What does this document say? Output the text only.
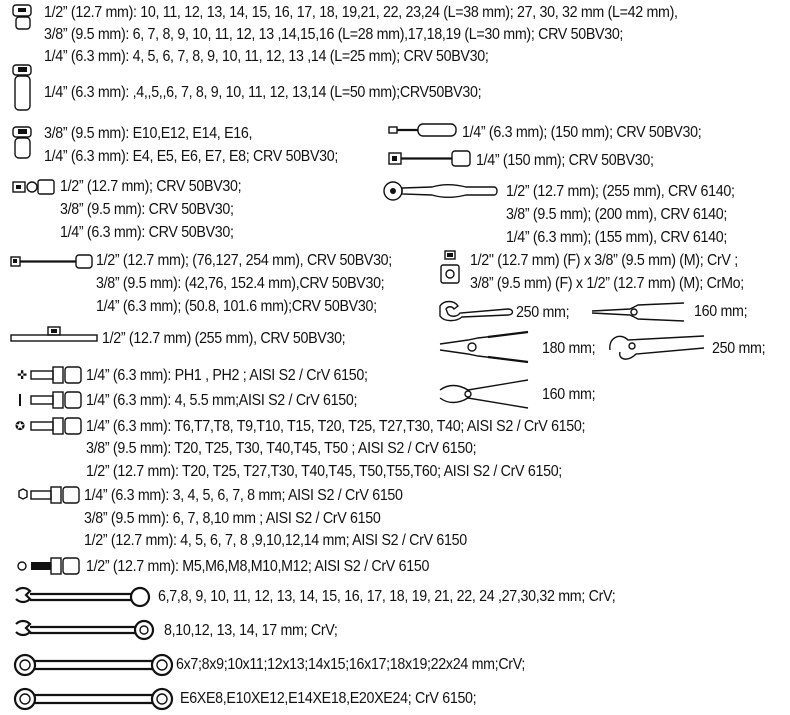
✜
✪
1/2” (12.7 mm): 10, 11, 12, 13, 14, 15, 16, 17, 18, 19,21, 22, 23,24 (L=38 mm); 27, 30, 32 mm (L=42 mm),
3/8” (9.5 mm): 6, 7, 8, 9, 10, 11, 12, 13 ,14,15,16 (L=28 mm),17,18,19 (L=30 mm); CRV 50BV30;
1/4” (6.3 mm): 4, 5, 6, 7, 8, 9, 10, 11, 12, 13 ,14 (L=25 mm); CRV 50BV30;
1/4” (6.3 mm): ,4,,5,,6, 7, 8, 9, 10, 11, 12, 13,14 (L=50 mm);CRV50BV30;
3/8” (9.5 mm): E10,E12, E14, E16,
1/4” (6.3 mm): E4, E5, E6, E7, E8; CRV 50BV30;
1/4” (6.3 mm); (150 mm); CRV 50BV30;
1/4” (150 mm); CRV 50BV30;
1/2” (12.7 mm); CRV 50BV30;
3/8” (9.5 mm): CRV 50BV30;
1/4” (6.3 mm): CRV 50BV30;
1/2” (12.7 mm); (255 mm), CRV 6140;
3/8” (9.5 mm); (200 mm), CRV 6140;
1/4” (6.3 mm); (155 mm), CRV 6140;
1/2” (12.7 mm); (76,127, 254 mm), CRV 50BV30;
3/8” (9.5 mm): (42,76, 152.4 mm),CRV 50BV30;
1/4” (6.3 mm); (50.8, 101.6 mm);CRV 50BV30;
1/2" (12.7 mm) (F) x 3/8” (9.5 mm) (M); CrV ;
3/8” (9.5 mm) (F) x 1/2” (12.7 mm) (M); CrMo;
250 mm;	160 mm;
1/2” (12.7 mm) (255 mm), CRV 50BV30;
180 mm;	250 mm;
1/4” (6.3 mm): PH1 , PH2 ; AISI S2 / CrV 6150;
160 mm;
1/4” (6.3 mm): 4, 5.5 mm;AISI S2 / CrV 6150;
1/4” (6.3 mm): T6,T7,T8, T9,T10, T15, T20, T25, T27,T30, T40; AISI S2 / CrV 6150;
3/8” (9.5 mm): T20, T25, T30, T40,T45, T50 ; AISI S2 / CrV 6150;
1/2” (12.7 mm): T20, T25, T27,T30, T40,T45, T50,T55,T60; AISI S2 / CrV 6150;
1/4” (6.3 mm): 3, 4, 5, 6, 7, 8 mm; AISI S2 / CrV 6150
3/8” (9.5 mm): 6, 7, 8,10 mm ; AISI S2 / CrV 6150
1/2” (12.7 mm): 4, 5, 6, 7, 8 ,9,10,12,14 mm; AISI S2 / CrV 6150
1/2” (12.7 mm): M5,M6,M8,M10,M12; AISI S2 / CrV 6150
6,7,8, 9, 10, 11, 12, 13, 14, 15, 16, 17, 18, 19, 21, 22, 24 ,27,30,32 mm; CrV;
8,10,12, 13, 14, 17 mm; CrV;
6x7;8x9;10x11;12x13;14x15;16x17;18x19;22x24 mm;CrV;
E6XE8,E10XE12,E14XE18,E20XE24; CrV 6150;
